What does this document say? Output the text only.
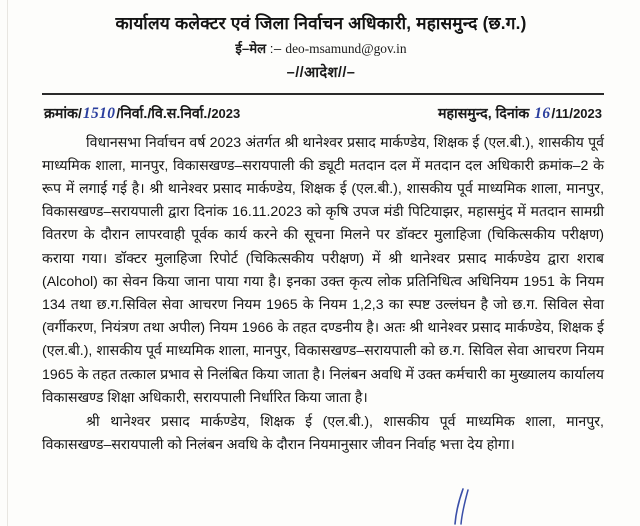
कार्यालय कलेक्टर एवं जिला निर्वाचन अधिकारी, महासमुन्द (छ.ग.)
ई–मेल :– deo-msamund@gov.in
–//आदेश//–
क्रमांक/1510/निर्वा./वि.स.निर्वा./2023	महासमुन्द, दिनांक 16/11/2023

विधानसभा निर्वाचन वर्ष 2023 अंतर्गत श्री थानेश्वर प्रसाद मार्कण्डेय, शिक्षक ई (एल.बी.), शासकीय पूर्व माध्यमिक शाला, मानपुर, विकासखण्ड–सरायपाली की ड्यूटी मतदान दल में मतदान दल अधिकारी क्रमांक–2 के रूप में लगाई गई है। श्री थानेश्वर प्रसाद मार्कण्डेय, शिक्षक ई (एल.बी.), शासकीय पूर्व माध्यमिक शाला, मानपुर, विकासखण्ड–सरायपाली द्वारा दिनांक 16.11.2023 को कृषि उपज मंडी पिटियाझर, महासमुंद में मतदान सामग्री वितरण के दौरान लापरवाही पूर्वक कार्य करने की सूचना मिलने पर डॉक्टर मुलाहिजा (चिकित्सकीय परीक्षण) कराया गया। डॉक्टर मुलाहिजा रिपोर्ट (चिकित्सकीय परीक्षण) में श्री थानेश्वर प्रसाद मार्कण्डेय द्वारा शराब (Alcohol) का सेवन किया जाना पाया गया है। इनका उक्त कृत्य लोक प्रतिनिधित्व अधिनियम 1951 के नियम 134 तथा छ.ग.सिविल सेवा आचरण नियम 1965 के नियम 1,2,3 का स्पष्ट उल्लंघन है जो छ.ग. सिविल सेवा (वर्गीकरण, नियंत्रण तथा अपील) नियम 1966 के तहत दण्डनीय है। अतः श्री थानेश्वर प्रसाद मार्कण्डेय, शिक्षक ई (एल.बी.), शासकीय पूर्व माध्यमिक शाला, मानपुर, विकासखण्ड–सरायपाली को छ.ग. सिविल सेवा आचरण नियम 1965 के तहत तत्काल प्रभाव से निलंबित किया जाता है। निलंबन अवधि में उक्त कर्मचारी का मुख्यालय कार्यालय विकासखण्ड शिक्षा अधिकारी, सरायपाली निर्धारित किया जाता है।

श्री थानेश्वर प्रसाद मार्कण्डेय, शिक्षक ई (एल.बी.), शासकीय पूर्व माध्यमिक शाला, मानपुर, विकासखण्ड–सरायपाली को निलंबन अवधि के दौरान नियमानुसार जीवन निर्वाह भत्ता देय होगा।
